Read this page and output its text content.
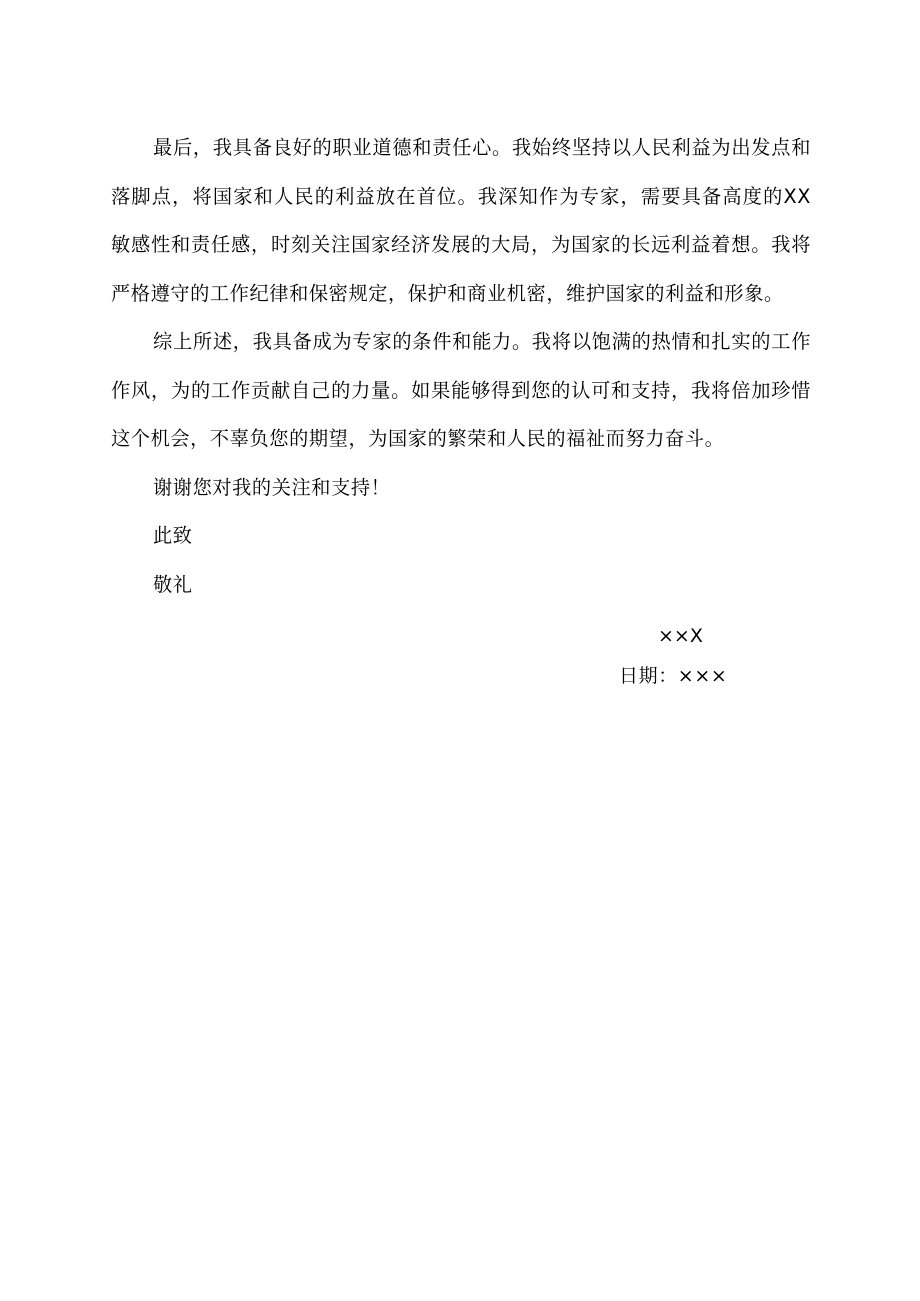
最后，我具备良好的职业道德和责任心。我始终坚持以人民利益为出发点和落脚点，将国家和人民的利益放在首位。我深知作为专家，需要具备高度的XX敏感性和责任感，时刻关注国家经济发展的大局，为国家的长远利益着想。我将严格遵守的工作纪律和保密规定，保护和商业机密，维护国家的利益和形象。

综上所述，我具备成为专家的条件和能力。我将以饱满的热情和扎实的工作作风，为的工作贡献自己的力量。如果能够得到您的认可和支持，我将倍加珍惜这个机会，不辜负您的期望，为国家的繁荣和人民的福祉而努力奋斗。

谢谢您对我的关注和支持！

此致

敬礼

××X
日期：×××
